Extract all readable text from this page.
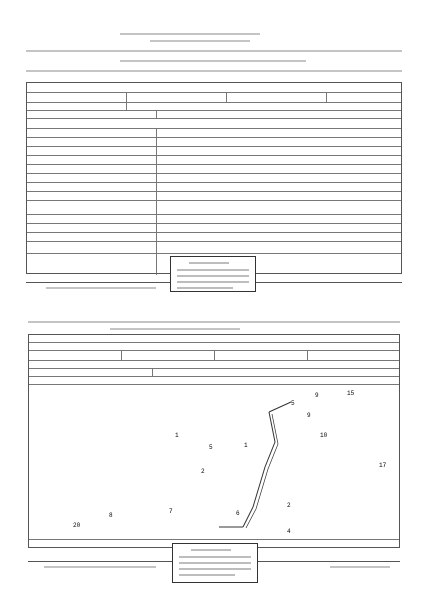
1
2
5
9
10
1
5
2
4
6
7
8
9
15
17
20
